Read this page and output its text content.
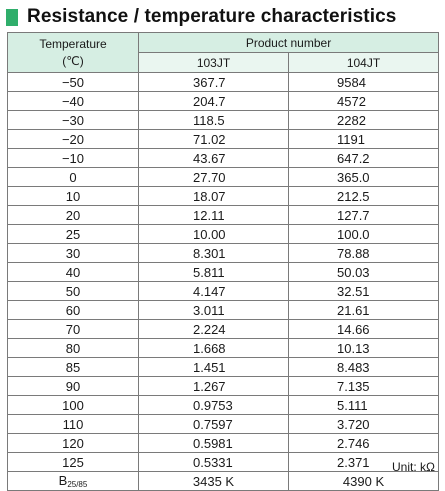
Resistance / temperature characteristics
Temperature
(℃)	Product number	
	103JT	104JT
−50	367.7	9584
−40	204.7	4572
−30	118.5	2282
−20	71.02	1191
−10	43.67	647.2
0	27.70	365.0
10	18.07	212.5
20	12.11	127.7
25	10.00	100.0
30	8.301	78.88
40	5.811	50.03
50	4.147	32.51
60	3.011	21.61
70	2.224	14.66
80	1.668	10.13
85	1.451	8.483
90	1.267	7.135
100	0.9753	5.111
110	0.7597	3.720
120	0.5981	2.746
125	0.5331	2.371
$B_{25/85}$	3435 K	4390 K
Unit: kΩ
